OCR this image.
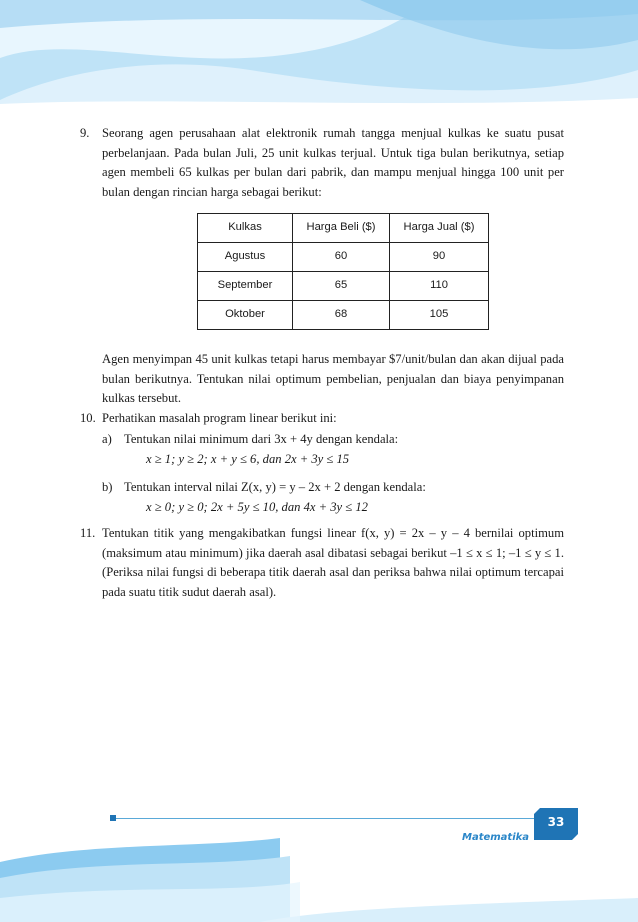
9. Seorang agen perusahaan alat elektronik rumah tangga menjual kulkas ke suatu pusat perbelanjaan. Pada bulan Juli, 25 unit kulkas terjual. Untuk tiga bulan berikutnya, setiap agen membeli 65 kulkas per bulan dari pabrik, dan mampu menjual hingga 100 unit per bulan dengan rincian harga sebagai berikut:
Kulkas	Harga Beli ($)	Harga Jual ($)
Agustus	60	90
September	65	110
Oktober	68	105
Agen menyimpan 45 unit kulkas tetapi harus membayar $7/unit/bulan dan akan dijual pada bulan berikutnya. Tentukan nilai optimum pembelian, penjualan dan biaya penyimpanan kulkas tersebut.
10. Perhatikan masalah program linear berikut ini:
a) Tentukan nilai minimum dari 3x + 4y dengan kendala:
x ≥ 1; y ≥ 2; x + y ≤ 6, dan 2x + 3y ≤ 15
b) Tentukan interval nilai Z(x, y) = y – 2x + 2 dengan kendala:
x ≥ 0; y ≥ 0; 2x + 5y ≤ 10, dan 4x + 3y ≤ 12
11. Tentukan titik yang mengakibatkan fungsi linear f(x, y) = 2x – y – 4 bernilai optimum (maksimum atau minimum) jika daerah asal dibatasi sebagai berikut –1 ≤ x ≤ 1; –1 ≤ y ≤ 1. (Periksa nilai fungsi di beberapa titik daerah asal dan periksa bahwa nilai optimum tercapai pada suatu titik sudut daerah asal).
Matematika
33
